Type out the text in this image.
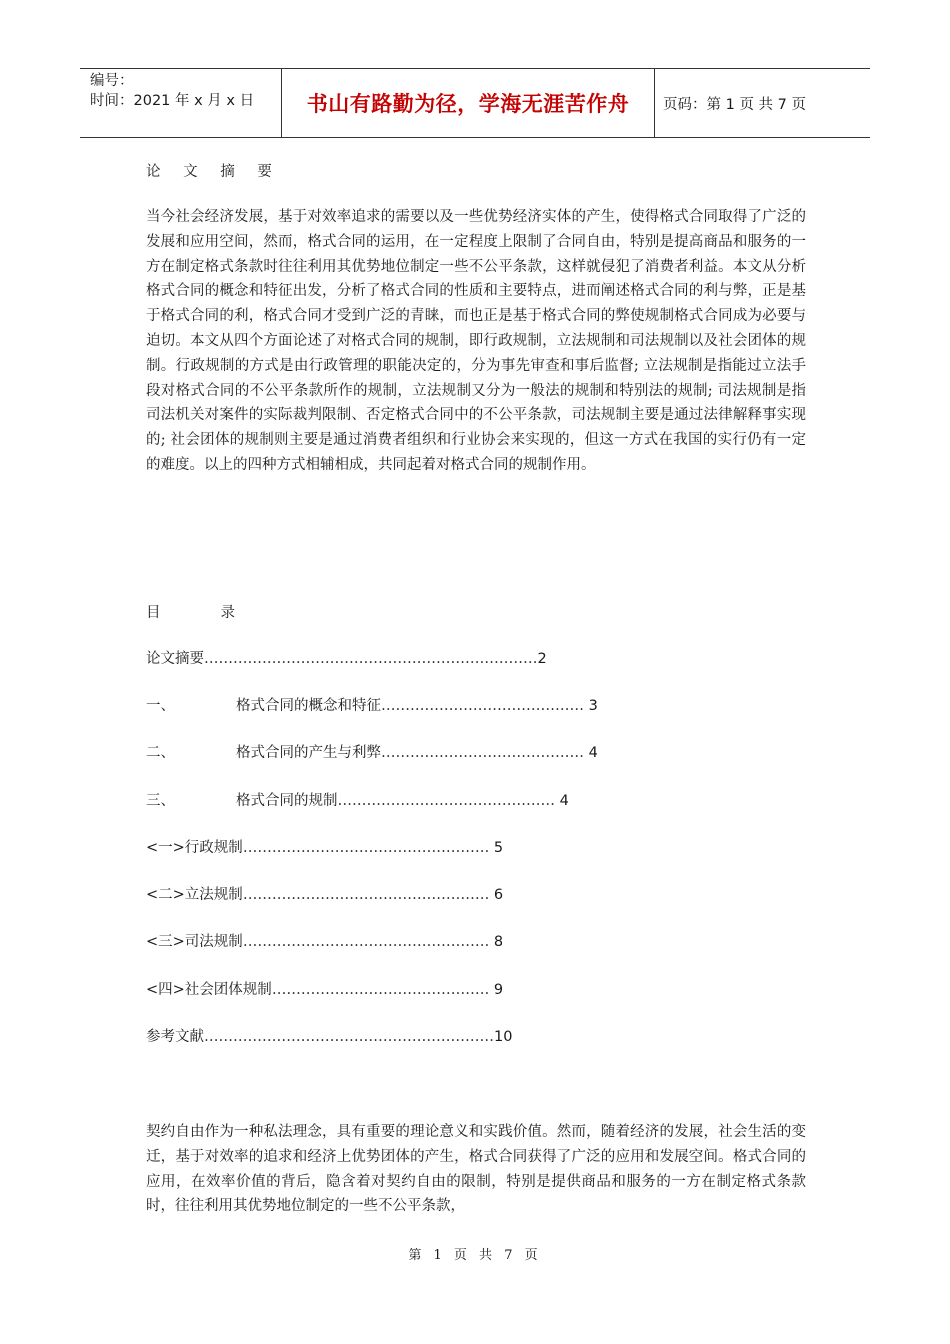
编号：
时间：2021 年 x 月 x 日	书山有路勤为径，学海无涯苦作舟	页码：第 1 页 共 7 页
论 文 摘 要
当今社会经济发展，基于对效率追求的需要以及一些优势经济实体的产生，使得格式合同取得了广泛的发展和应用空间，然而，格式合同的运用，在一定程度上限制了合同自由，特别是提高商品和服务的一方在制定格式条款时往往利用其优势地位制定一些不公平条款，这样就侵犯了消费者利益。本文从分析格式合同的概念和特征出发，分析了格式合同的性质和主要特点，进而阐述格式合同的利与弊，正是基于格式合同的利，格式合同才受到广泛的青睐，而也正是基于格式合同的弊使规制格式合同成为必要与迫切。本文从四个方面论述了对格式合同的规制，即行政规制，立法规制和司法规制以及社会团体的规制。行政规制的方式是由行政管理的职能决定的，分为事先审查和事后监督; 立法规制是指能过立法手段对格式合同的不公平条款所作的规制，立法规制又分为一般法的规制和特别法的规制; 司法规制是指司法机关对案件的实际裁判限制、否定格式合同中的不公平条款，司法规制主要是通过法律解释事实现的; 社会团体的规制则主要是通过消费者组织和行业协会来实现的，但这一方式在我国的实行仍有一定的难度。以上的四种方式相辅相成，共同起着对格式合同的规制作用。
目	录
论文摘要……………………………………………………………2
一、	格式合同的概念和特征…………………………………… 3
二、	格式合同的产生与利弊…………………………………… 4
三、	格式合同的规制……………………………………… 4
<一>行政规制…………………………………………… 5
<二>立法规制…………………………………………… 6
<三>司法规制…………………………………………… 8
<四>社会团体规制……………………………………… 9
参考文献……………………………………………………10
契约自由作为一种私法理念，具有重要的理论意义和实践价值。然而，随着经济的发展，社会生活的变迁，基于对效率的追求和经济上优势团体的产生，格式合同获得了广泛的应用和发展空间。格式合同的应用，在效率价值的背后，隐含着对契约自由的限制，特别是提供商品和服务的一方在制定格式条款时，往往利用其优势地位制定的一些不公平条款，
第 1 页 共 7 页
